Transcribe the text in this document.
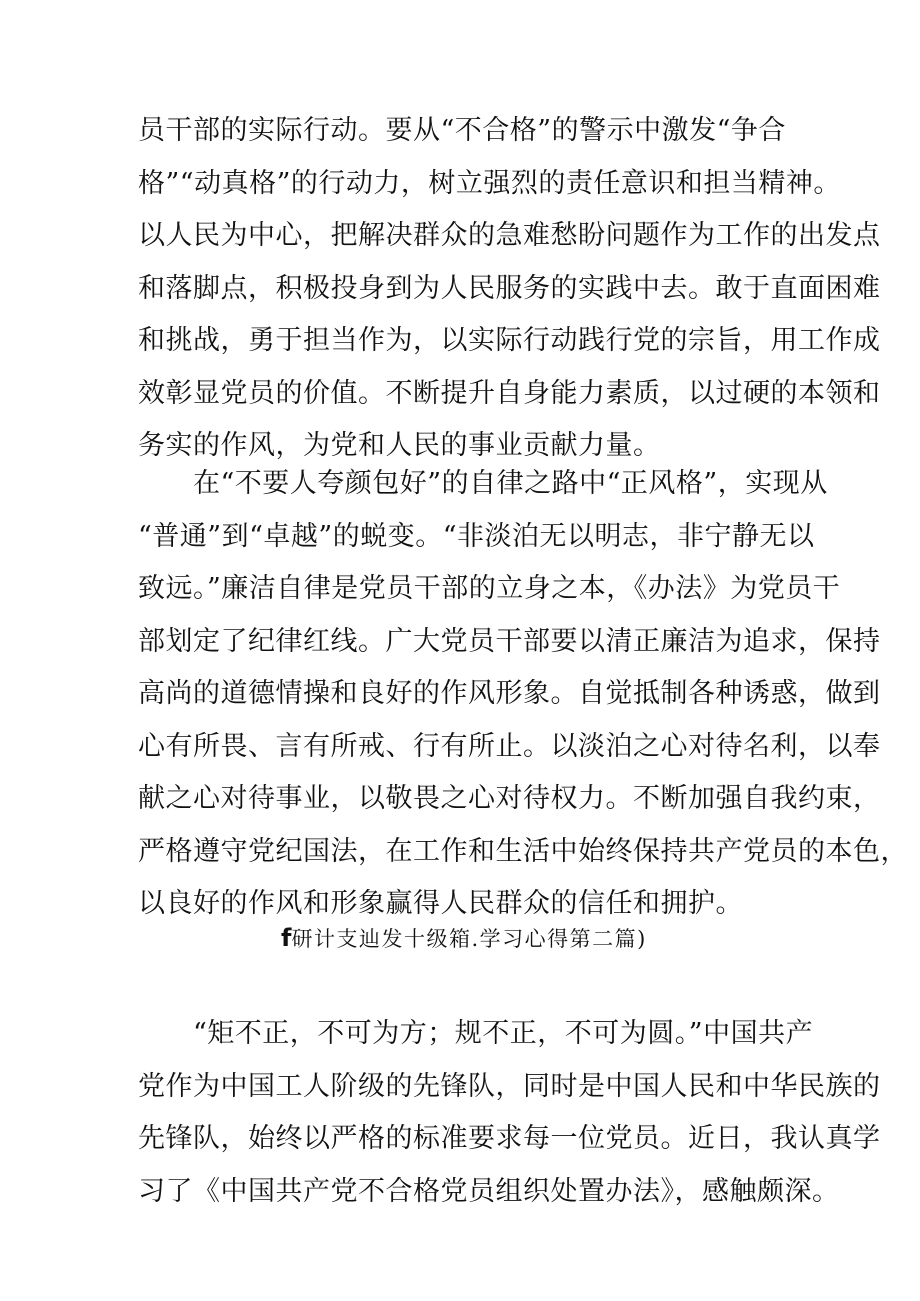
员干部的实际行动。要从“不合格”的警示中激发“争合
格”“动真格”的行动力，树立强烈的责任意识和担当精神。
以人民为中心，把解决群众的急难愁盼问题作为工作的出发点
和落脚点，积极投身到为人民服务的实践中去。敢于直面困难
和挑战，勇于担当作为，以实际行动践行党的宗旨，用工作成
效彰显党员的价值。不断提升自身能力素质，以过硬的本领和
务实的作风，为党和人民的事业贡献力量。
　　在“不要人夸颜包好”的自律之路中“正风格”，实现从
“普通”到“卓越”的蜕变。“非淡泊无以明志，非宁静无以
致远。”廉洁自律是党员干部的立身之本，《办法》为党员干
部划定了纪律红线。广大党员干部要以清正廉洁为追求，保持
高尚的道德情操和良好的作风形象。自觉抵制各种诱惑，做到
心有所畏、言有所戒、行有所止。以淡泊之心对待名利，以奉
献之心对待事业，以敬畏之心对待权力。不断加强自我约束，
严格遵守党纪国法，在工作和生活中始终保持共产党员的本色，
以良好的作风和形象赢得人民群众的信任和拥护。
f研计支辿发十级箱.学习心得第二篇)
　　“矩不正，不可为方；规不正，不可为圆。”中国共产
党作为中国工人阶级的先锋队，同时是中国人民和中华民族的
先锋队，始终以严格的标准要求每一位党员。近日，我认真学
习了《中国共产党不合格党员组织处置办法》，感触颇深。
